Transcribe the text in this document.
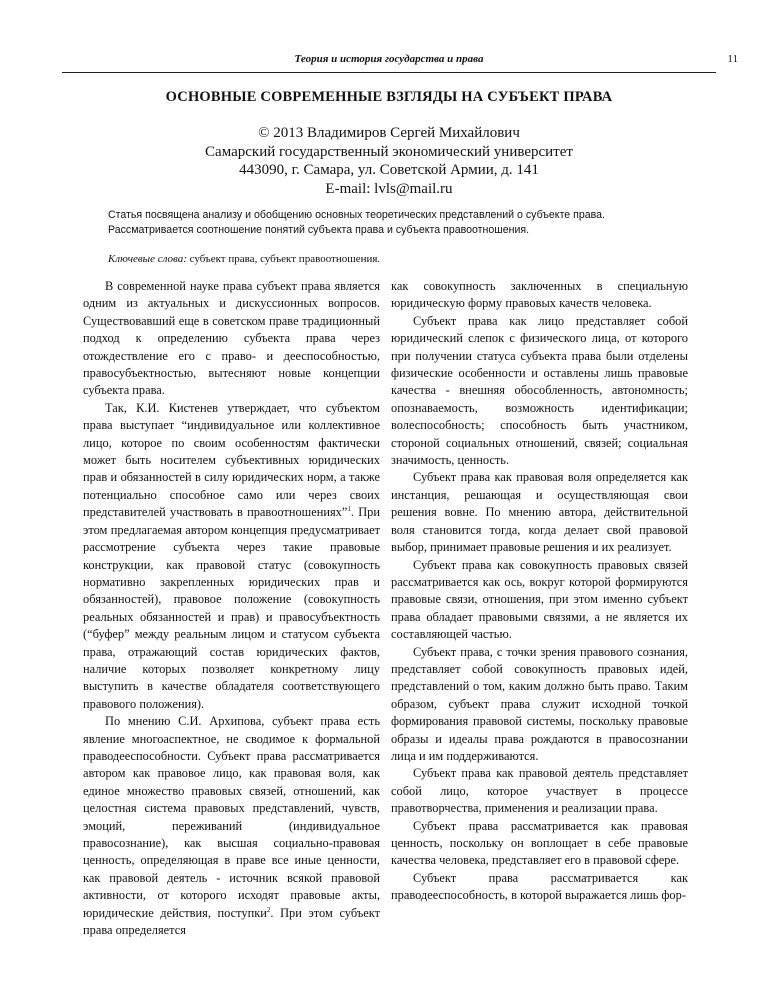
Теория и история государства и права	11
ОСНОВНЫЕ СОВРЕМЕННЫЕ ВЗГЛЯДЫ НА СУБЪЕКТ ПРАВА
© 2013 Владимиров Сергей Михайлович
Самарский государственный экономический университет
443090, г. Самара, ул. Советской Армии, д. 141
E-mail: lvls@mail.ru
Статья посвящена анализу и обобщению основных теоретических представлений о субъекте права.
Рассматривается соотношение понятий субъекта права и субъекта правоотношения.
Ключевые слова: субъект права, субъект правоотношения.

В современной науке права субъект права является одним из актуальных и дискуссионных вопросов. Существовавший еще в советском праве традиционный подход к определению субъекта права через отождествление его с право- и дееспособностью, правосубъектностью, вытесняют новые концепции субъекта права.

Так, К.И. Кистенев утверждает, что субъектом права выступает “индивидуальное или коллективное лицо, которое по своим особенностям фактически может быть носителем субъективных юридических прав и обязанностей в силу юридических норм, а также потенциально способное само или через своих представителей участвовать в правоотношениях”$^1$. При этом предлагаемая автором концепция предусматривает рассмотрение субъекта через такие правовые конструкции, как правовой статус (совокупность нормативно закрепленных юридических прав и обязанностей), правовое положение (совокупность реальных обязанностей и прав) и правосубъектность (“буфер” между реальным лицом и статусом субъекта права, отражающий состав юридических фактов, наличие которых позволяет конкретному лицу выступить в качестве обладателя соответствующего правового положения).

По мнению С.И. Архипова, субъект права есть явление многоаспектное, не сводимое к формальной праводееспособности. Субъект права рассматривается автором как правовое лицо, как правовая воля, как единое множество правовых связей, отношений, как целостная система правовых представлений, чувств, эмоций, переживаний (индивидуальное правосознание), как высшая социально-правовая ценность, определяющая в праве все иные ценности, как правовой деятель - источник всякой правовой активности, от которого исходят правовые акты, юридические действия, поступки$^2$. При этом субъект права определяется

как совокупность заключенных в специальную юридическую форму правовых качеств человека.

Субъект права как лицо представляет собой юридический слепок с физического лица, от которого при получении статуса субъекта права были отделены физические особенности и оставлены лишь правовые качества - внешняя обособленность, автономность; опознаваемость, возможность идентификации; волеспособность; способность быть участником, стороной социальных отношений, связей; социальная значимость, ценность.

Субъект права как правовая воля определяется как инстанция, решающая и осуществляющая свои решения вовне. По мнению автора, действительной воля становится тогда, когда делает свой правовой выбор, принимает правовые решения и их реализует.

Субъект права как совокупность правовых связей рассматривается как ось, вокруг которой формируются правовые связи, отношения, при этом именно субъект права обладает правовыми связями, а не является их составляющей частью.

Субъект права, с точки зрения правового сознания, представляет собой совокупность правовых идей, представлений о том, каким должно быть право. Таким образом, субъект права служит исходной точкой формирования правовой системы, поскольку правовые образы и идеалы права рождаются в правосознании лица и им поддерживаются.

Субъект права как правовой деятель представляет собой лицо, которое участвует в процессе правотворчества, применения и реализации права.

Субъект права рассматривается как правовая ценность, поскольку он воплощает в себе правовые качества человека, представляет его в правовой сфере.

Субъект права рассматривается как праводееспособность, в которой выражается лишь фор-
